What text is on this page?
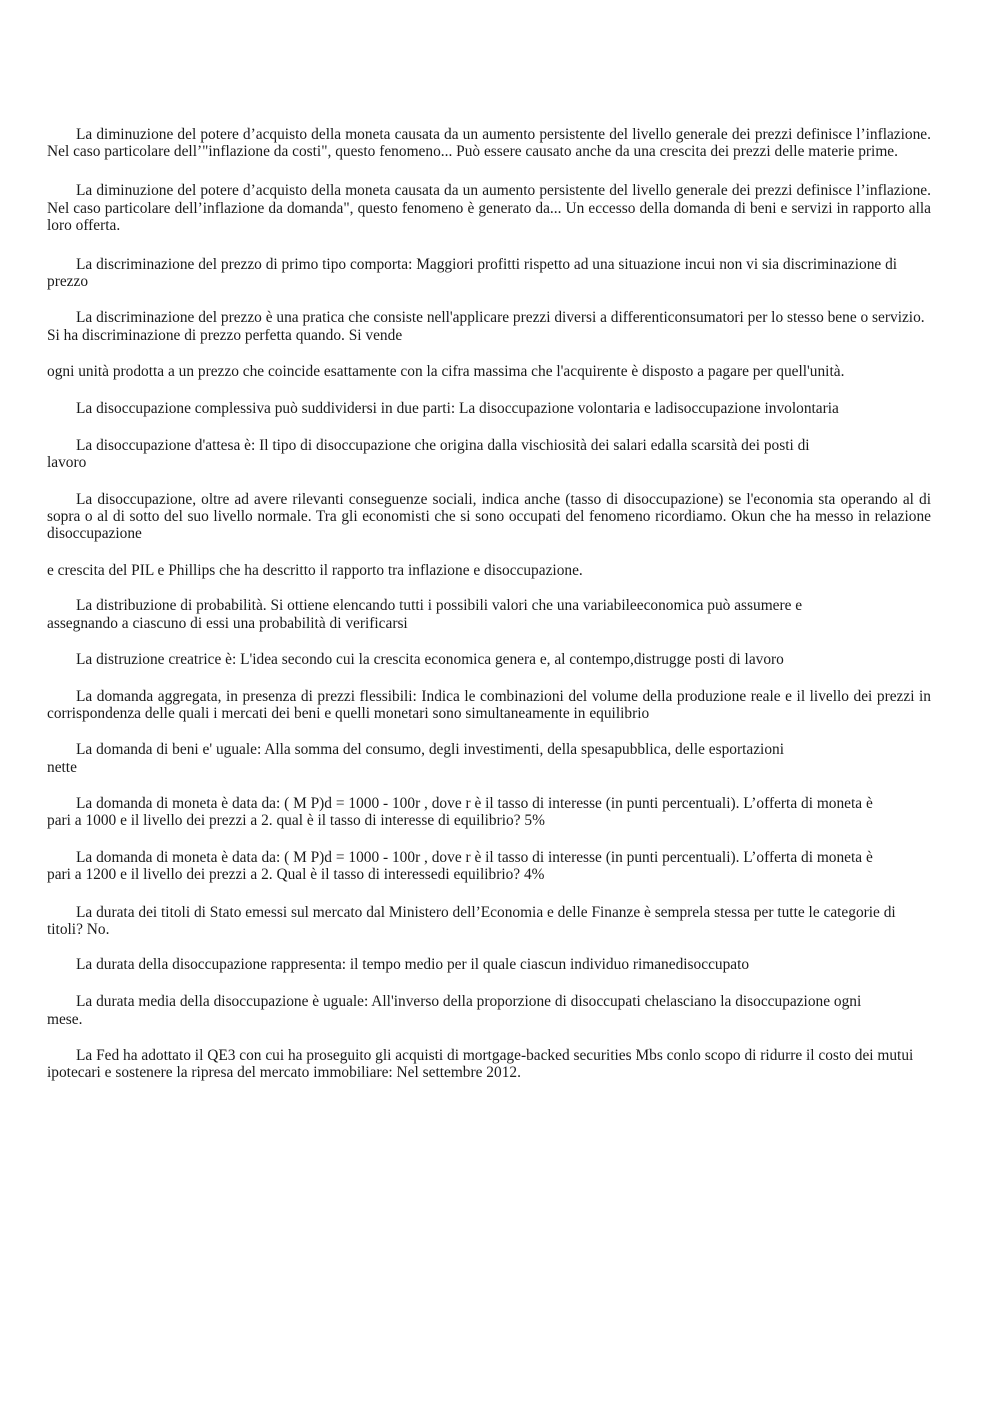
La diminuzione del potere d’acquisto della moneta causata da un aumento persistente del livello generale dei prezzi definisce l’inflazione. Nel caso particolare dell’"inflazione da costi", questo fenomeno... Può essere causato anche da una crescita dei prezzi delle materie prime.

La diminuzione del potere d’acquisto della moneta causata da un aumento persistente del livello generale dei prezzi definisce l’inflazione. Nel caso particolare dell’inflazione da domanda", questo fenomeno è generato da... Un eccesso della domanda di beni e servizi in rapporto alla loro offerta.

La discriminazione del prezzo di primo tipo comporta: Maggiori profitti rispetto ad una situazione incui non vi sia discriminazione di prezzo

La discriminazione del prezzo è una pratica che consiste nell'applicare prezzi diversi a differenticonsumatori per lo stesso bene o servizio. Si ha discriminazione di prezzo perfetta quando. Si vende

ogni unità prodotta a un prezzo che coincide esattamente con la cifra massima che l'acquirente è disposto a pagare per quell'unità.

La disoccupazione complessiva può suddividersi in due parti: La disoccupazione volontaria e ladisoccupazione involontaria

La disoccupazione d'attesa è: Il tipo di disoccupazione che origina dalla vischiosità dei salari edalla scarsità dei posti di lavoro

La disoccupazione, oltre ad avere rilevanti conseguenze sociali, indica anche (tasso di disoccupazione) se l'economia sta operando al di sopra o al di sotto del suo livello normale. Tra gli economisti che si sono occupati del fenomeno ricordiamo. Okun che ha messo in relazione disoccupazione

e crescita del PIL e Phillips che ha descritto il rapporto tra inflazione e disoccupazione.

La distribuzione di probabilità. Si ottiene elencando tutti i possibili valori che una variabileeconomica può assumere e assegnando a ciascuno di essi una probabilità di verificarsi

La distruzione creatrice è: L'idea secondo cui la crescita economica genera e, al contempo,distrugge posti di lavoro

La domanda aggregata, in presenza di prezzi flessibili: Indica le combinazioni del volume della produzione reale e il livello dei prezzi in corrispondenza delle quali i mercati dei beni e quelli monetari sono simultaneamente in equilibrio

La domanda di beni e' uguale: Alla somma del consumo, degli investimenti, della spesapubblica, delle esportazioni nette

La domanda di moneta è data da: ( M P)d = 1000 - 100r , dove r è il tasso di interesse (in punti percentuali). L’offerta di moneta è pari a 1000 e il livello dei prezzi a 2. qual è il tasso di interesse di equilibrio? 5%

La domanda di moneta è data da: ( M P)d = 1000 - 100r , dove r è il tasso di interesse (in punti percentuali). L’offerta di moneta è pari a 1200 e il livello dei prezzi a 2. Qual è il tasso di interessedi equilibrio? 4%

La durata dei titoli di Stato emessi sul mercato dal Ministero dell’Economia e delle Finanze è semprela stessa per tutte le categorie di titoli? No.

La durata della disoccupazione rappresenta: il tempo medio per il quale ciascun individuo rimanedisoccupato

La durata media della disoccupazione è uguale: All'inverso della proporzione di disoccupati chelasciano la disoccupazione ogni mese.

La Fed ha adottato il QE3 con cui ha proseguito gli acquisti di mortgage-backed securities Mbs conlo scopo di ridurre il costo dei mutui ipotecari e sostenere la ripresa del mercato immobiliare: Nel settembre 2012.
